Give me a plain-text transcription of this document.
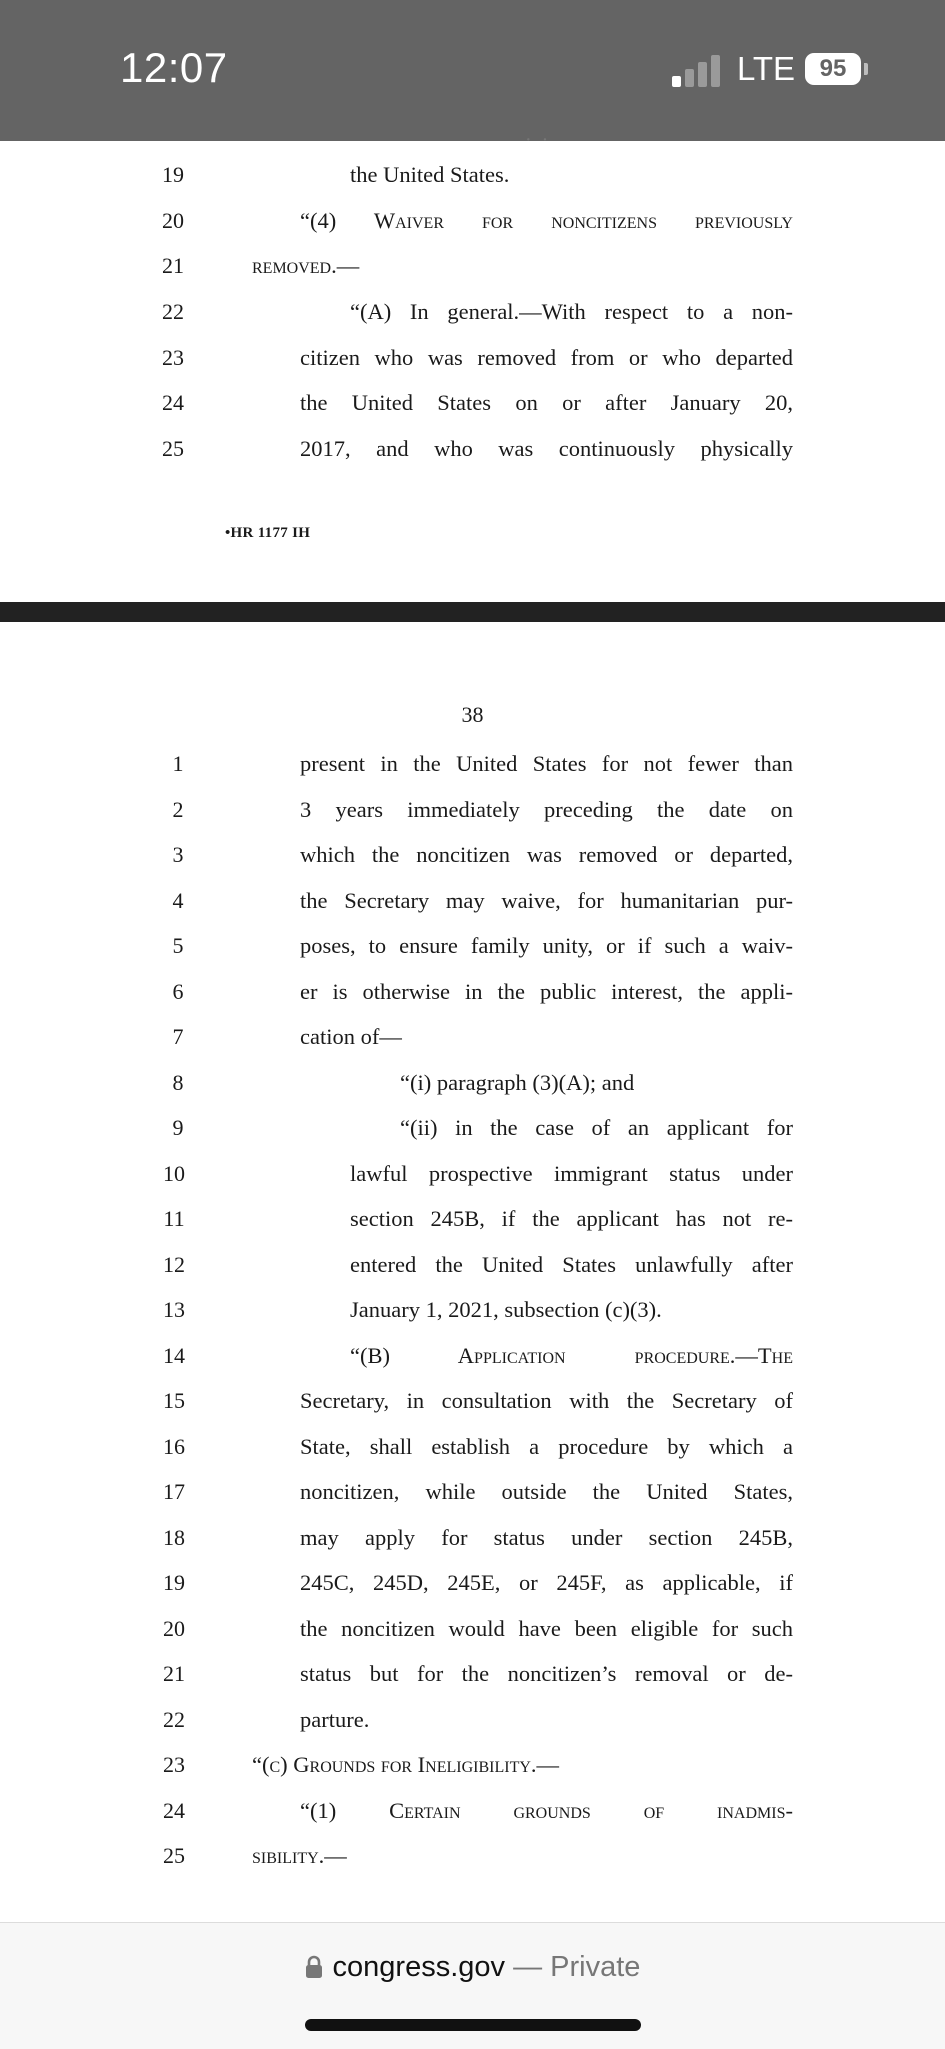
12:07	LTE	95
·  ·
19	the United States.
20	“(4) Waiver for noncitizens previously
21	removed.—
22	“(A) In general.—With respect to a non-
23	citizen who was removed from or who departed
24	the United States on or after January 20,
25	2017, and who was continuously physically
•HR 1177 IH
38
1	present in the United States for not fewer than
2	3 years immediately preceding the date on
3	which the noncitizen was removed or departed,
4	the Secretary may waive, for humanitarian pur-
5	poses, to ensure family unity, or if such a waiv-
6	er is otherwise in the public interest, the appli-
7	cation of—
8	“(i) paragraph (3)(A); and
9	“(ii) in the case of an applicant for
10	lawful prospective immigrant status under
11	section 245B, if the applicant has not re-
12	entered the United States unlawfully after
13	January 1, 2021, subsection (c)(3).
14	“(B) Application procedure.—The
15	Secretary, in consultation with the Secretary of
16	State, shall establish a procedure by which a
17	noncitizen, while outside the United States,
18	may apply for status under section 245B,
19	245C, 245D, 245E, or 245F, as applicable, if
20	the noncitizen would have been eligible for such
21	status but for the noncitizen’s removal or de-
22	parture.
23	“(c) Grounds for Ineligibility.—
24	“(1) Certain grounds of inadmis-
25	sibility.—
congress.gov — Private
